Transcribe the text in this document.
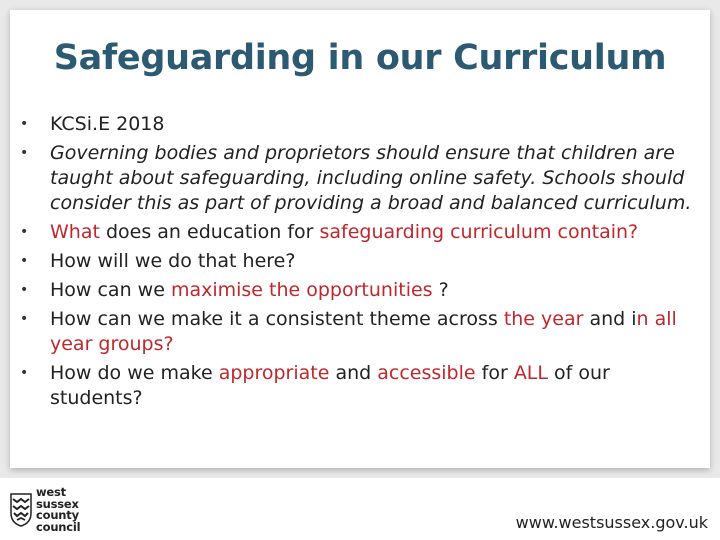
Safeguarding in our Curriculum
• KCSi.E 2018
• Governing bodies and proprietors should ensure that children are taught about safeguarding, including online safety. Schools should consider this as part of providing a broad and balanced curriculum.
• What does an education for safeguarding curriculum contain?
• How will we do that here?
• How can we maximise the opportunities ?
• How can we make it a consistent theme across the year and in all year groups?
• How do we make appropriate and accessible for ALL of our students?
west
sussex
county
council	www.westsussex.gov.uk
